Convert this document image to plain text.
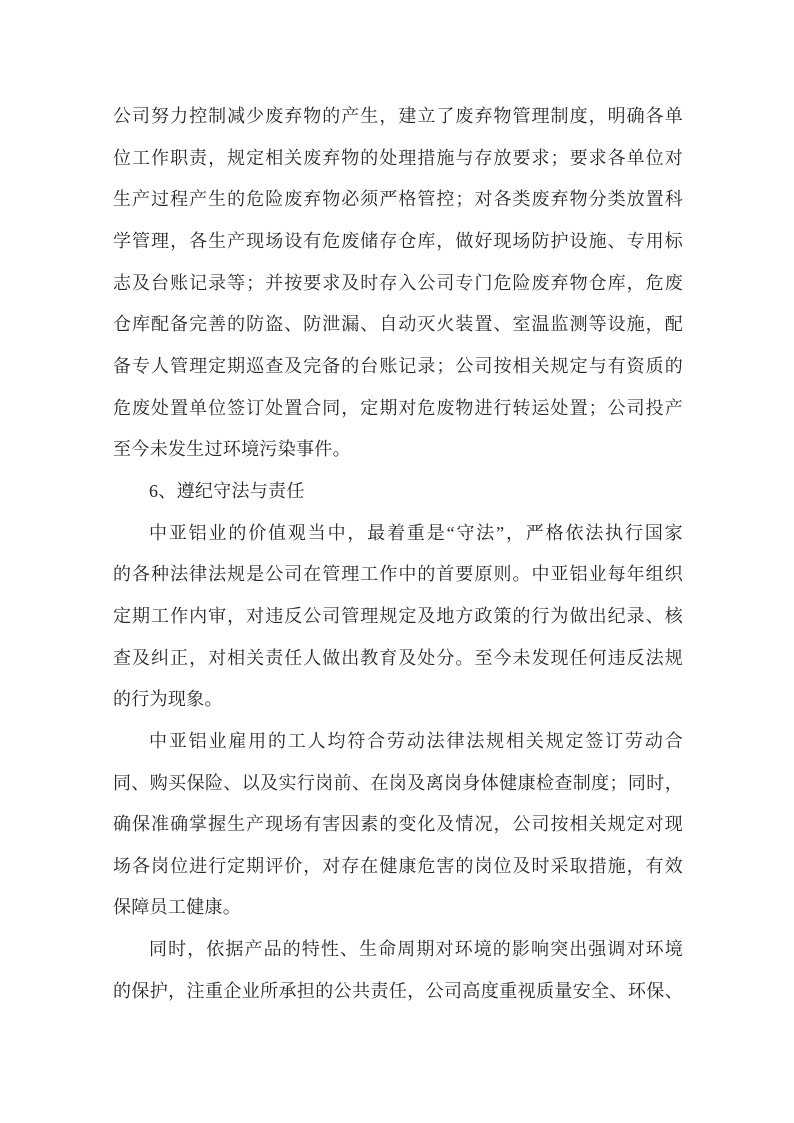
公司努力控制减少废弃物的产生，建立了废弃物管理制度，明确各单
位工作职责，规定相关废弃物的处理措施与存放要求；要求各单位对
生产过程产生的危险废弃物必须严格管控；对各类废弃物分类放置科
学管理，各生产现场设有危废储存仓库，做好现场防护设施、专用标
志及台账记录等；并按要求及时存入公司专门危险废弃物仓库，危废
仓库配备完善的防盗、防泄漏、自动灭火装置、室温监测等设施，配
备专人管理定期巡查及完备的台账记录；公司按相关规定与有资质的
危废处置单位签订处置合同，定期对危废物进行转运处置；公司投产
至今未发生过环境污染事件。
6、遵纪守法与责任
中亚铝业的价值观当中，最着重是“守法”，严格依法执行国家
的各种法律法规是公司在管理工作中的首要原则。中亚铝业每年组织
定期工作内审，对违反公司管理规定及地方政策的行为做出纪录、核
查及纠正，对相关责任人做出教育及处分。至今未发现任何违反法规
的行为现象。
中亚铝业雇用的工人均符合劳动法律法规相关规定签订劳动合
同、购买保险、以及实行岗前、在岗及离岗身体健康检查制度；同时，
确保准确掌握生产现场有害因素的变化及情况，公司按相关规定对现
场各岗位进行定期评价，对存在健康危害的岗位及时采取措施，有效
保障员工健康。
同时，依据产品的特性、生命周期对环境的影响突出强调对环境
的保护，注重企业所承担的公共责任，公司高度重视质量安全、环保、
